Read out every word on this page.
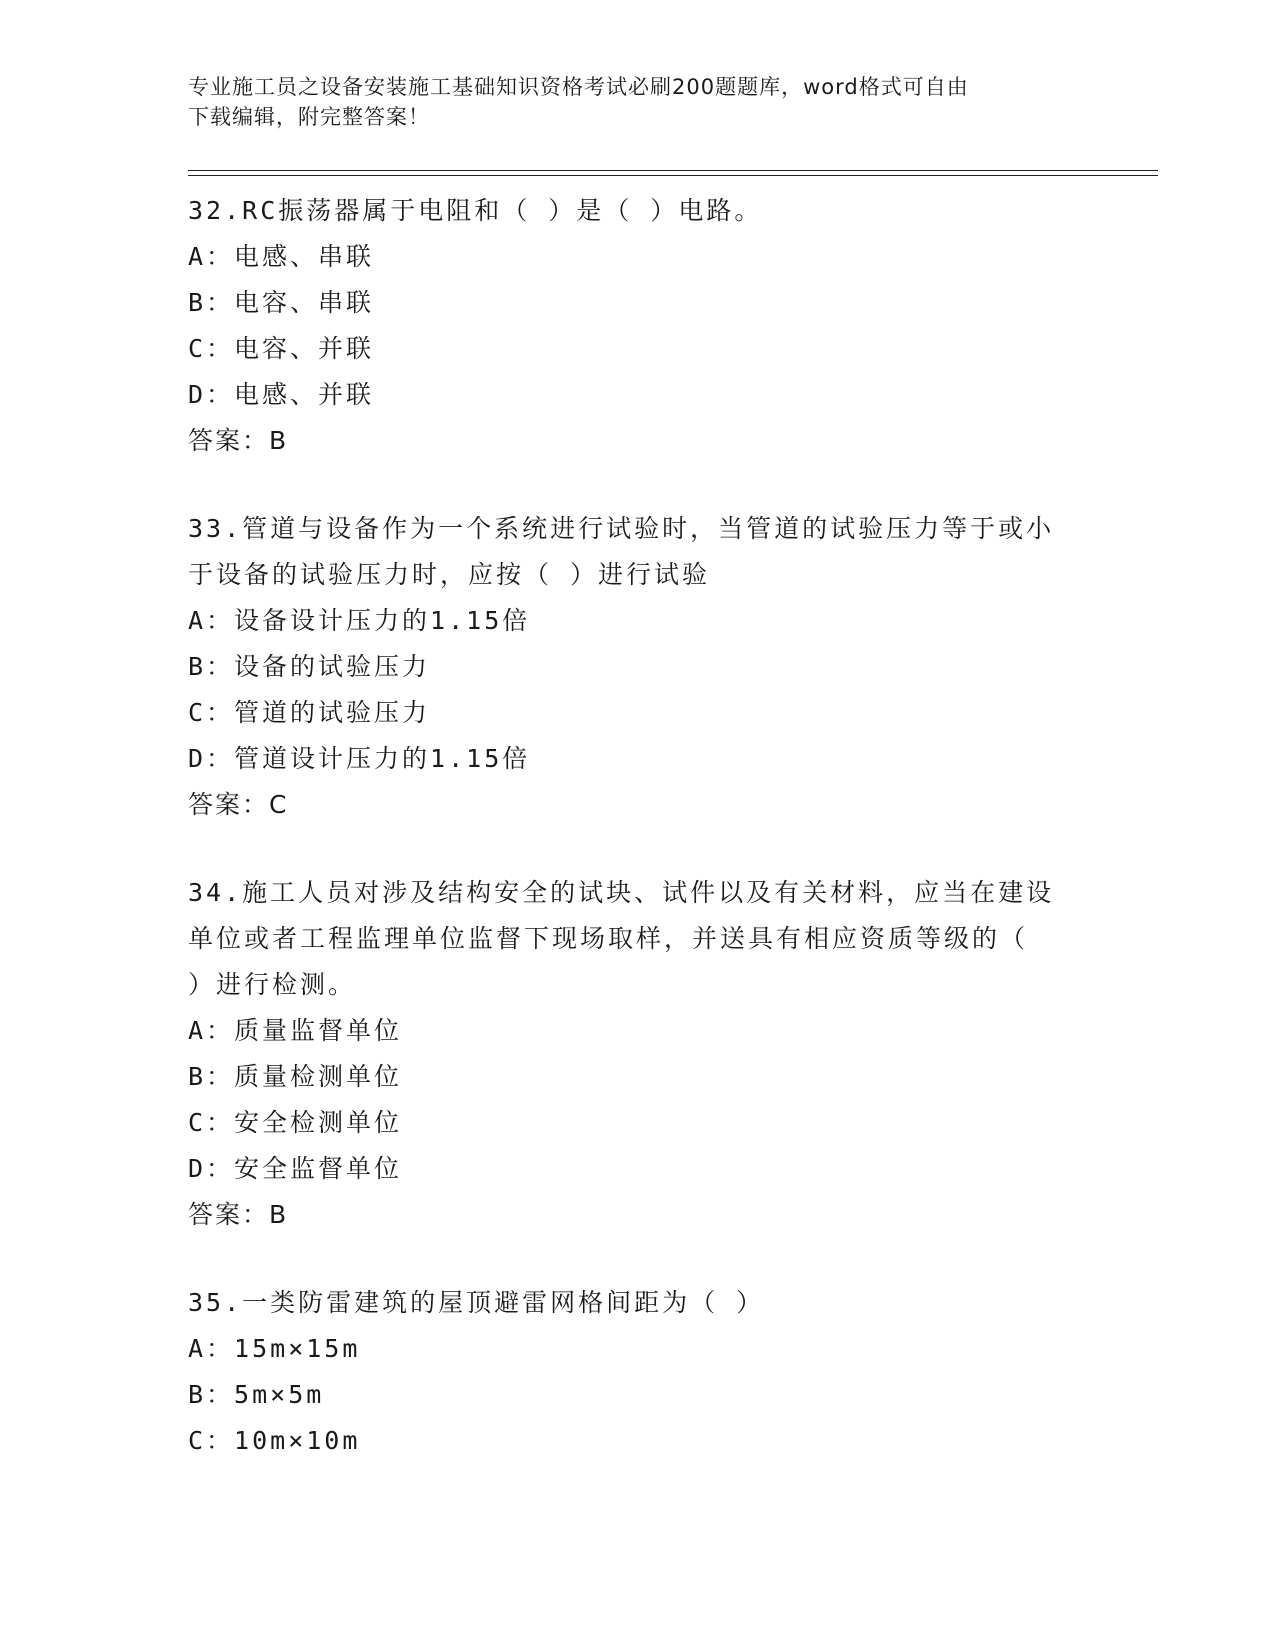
专业施工员之设备安装施工基础知识资格考试必刷200题题库，word格式可自由
下载编辑，附完整答案！
32.RC振荡器属于电阻和（ ）是（ ）电路。
A：电感、串联
B：电容、串联
C：电容、并联
D：电感、并联
答案：B
33.管道与设备作为一个系统进行试验时，当管道的试验压力等于或小
于设备的试验压力时，应按（ ）进行试验
A：设备设计压力的1.15倍
B：设备的试验压力
C：管道的试验压力
D：管道设计压力的1.15倍
答案：C
34.施工人员对涉及结构安全的试块、试件以及有关材料，应当在建设
单位或者工程监理单位监督下现场取样，并送具有相应资质等级的（
）进行检测。
A：质量监督单位
B：质量检测单位
C：安全检测单位
D：安全监督单位
答案：B
35.一类防雷建筑的屋顶避雷网格间距为（ ）
A：15m×15m
B：5m×5m
C：10m×10m
